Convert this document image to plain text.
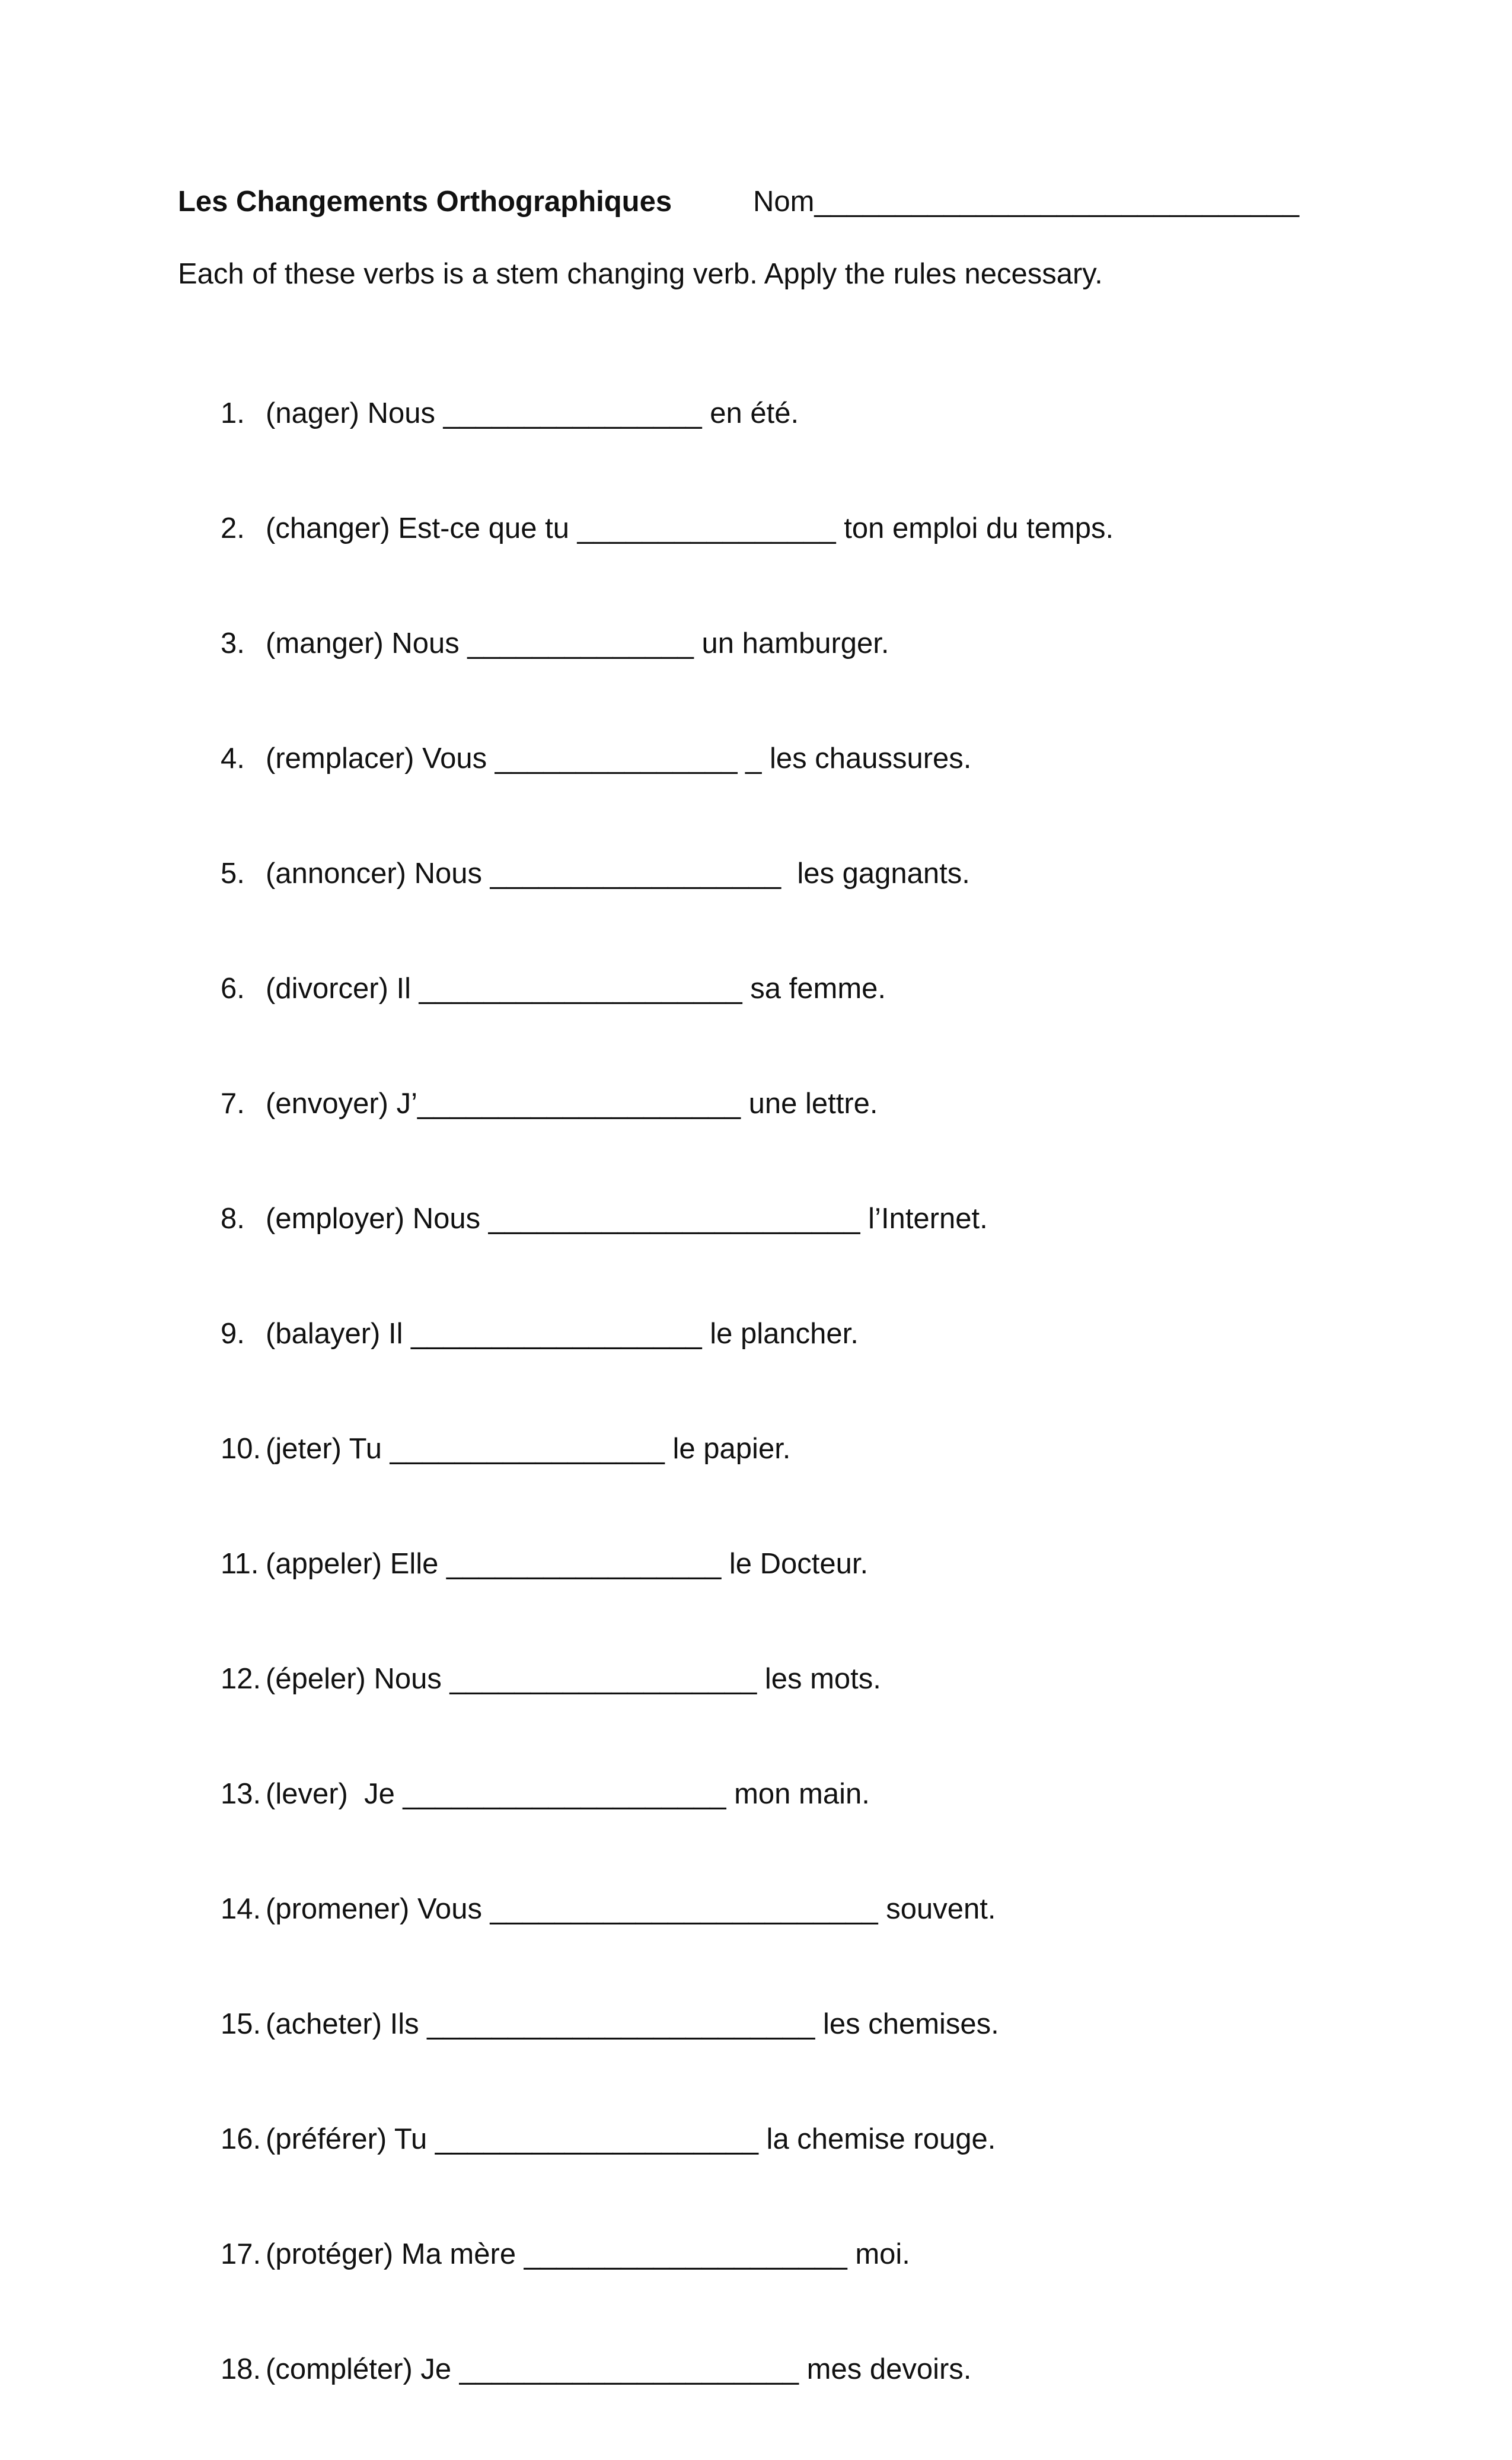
Les Changements Orthographiques	Nom______________________________
Each of these verbs is a stem changing verb. Apply the rules necessary.

1. (nager) Nous ________________ en été.

2. (changer) Est-ce que tu ________________ ton emploi du temps.

3. (manger) Nous ______________ un hamburger.

4. (remplacer) Vous _______________ _ les chaussures.

5. (annoncer) Nous __________________  les gagnants.

6. (divorcer) Il ____________________ sa femme.

7. (envoyer) J’____________________ une lettre.

8. (employer) Nous _______________________ l’Internet.

9. (balayer) Il __________________ le plancher.

10. (jeter) Tu _________________ le papier.

11. (appeler) Elle _________________ le Docteur.

12. (épeler) Nous ___________________ les mots.

13. (lever)  Je ____________________ mon main.

14. (promener) Vous ________________________ souvent.

15. (acheter) Ils ________________________ les chemises.

16. (préférer) Tu ____________________ la chemise rouge.

17. (protéger) Ma mère ____________________ moi.

18. (compléter) Je _____________________ mes devoirs.
